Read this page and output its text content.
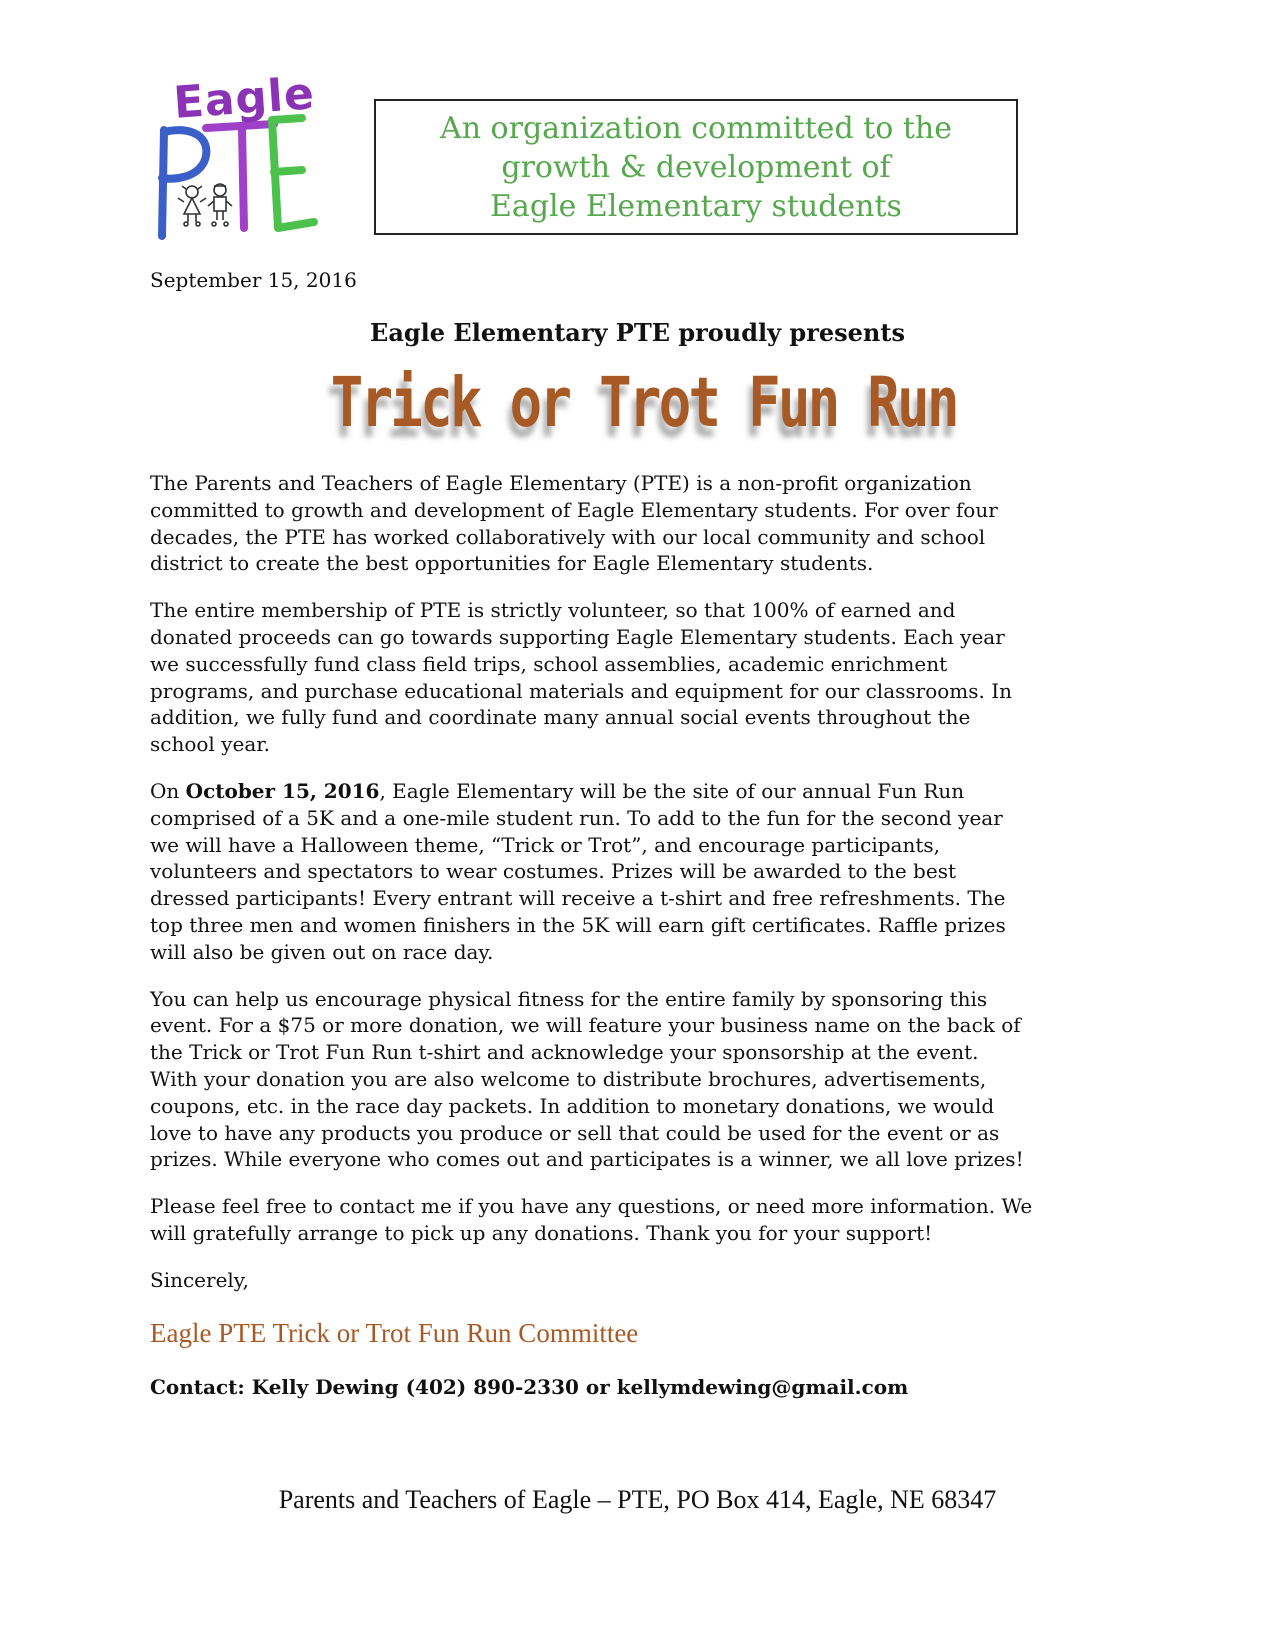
Eagle	An organization committed to the
growth & development of
Eagle Elementary students
September 15, 2016
Eagle Elementary PTE proudly presents
Trick or Trot Fun Run

The Parents and Teachers of Eagle Elementary (PTE) is a non-profit organization
committed to growth and development of Eagle Elementary students. For over four
decades, the PTE has worked collaboratively with our local community and school
district to create the best opportunities for Eagle Elementary students.

The entire membership of PTE is strictly volunteer, so that 100% of earned and
donated proceeds can go towards supporting Eagle Elementary students. Each year
we successfully fund class field trips, school assemblies, academic enrichment
programs, and purchase educational materials and equipment for our classrooms. In
addition, we fully fund and coordinate many annual social events throughout the
school year.

On October 15, 2016, Eagle Elementary will be the site of our annual Fun Run
comprised of a 5K and a one-mile student run. To add to the fun for the second year
we will have a Halloween theme, “Trick or Trot”, and encourage participants,
volunteers and spectators to wear costumes. Prizes will be awarded to the best
dressed participants! Every entrant will receive a t-shirt and free refreshments. The
top three men and women finishers in the 5K will earn gift certificates. Raffle prizes
will also be given out on race day.

You can help us encourage physical fitness for the entire family by sponsoring this
event. For a $75 or more donation, we will feature your business name on the back of
the Trick or Trot Fun Run t-shirt and acknowledge your sponsorship at the event.
With your donation you are also welcome to distribute brochures, advertisements,
coupons, etc. in the race day packets. In addition to monetary donations, we would
love to have any products you produce or sell that could be used for the event or as
prizes. While everyone who comes out and participates is a winner, we all love prizes!

Please feel free to contact me if you have any questions, or need more information. We
will gratefully arrange to pick up any donations. Thank you for your support!

Sincerely,

Eagle PTE Trick or Trot Fun Run Committee
Contact: Kelly Dewing (402) 890-2330 or kellymdewing@gmail.com
Parents and Teachers of Eagle – PTE, PO Box 414, Eagle, NE 68347
